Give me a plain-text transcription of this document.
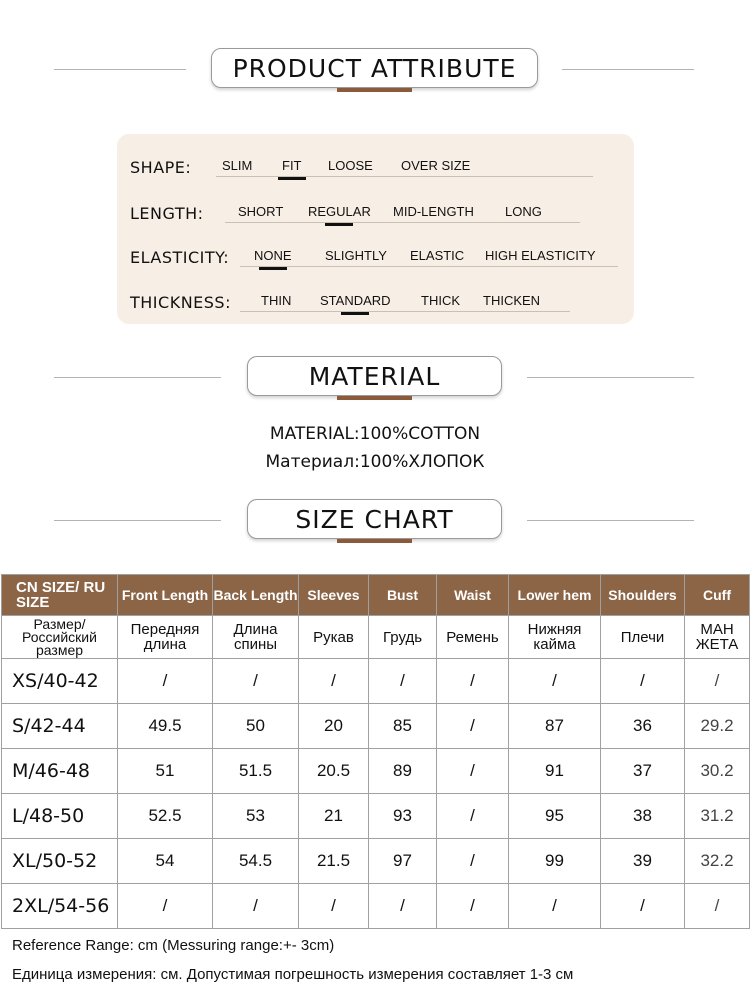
PRODUCT ATTRIBUTE
SHAPE: SLIM FIT LOOSE OVER SIZE
LENGTH:	SHORT REGULAR MID-LENGTH LONG
ELASTICITY: NONE	SLIGHTLY ELASTIC HIGH ELASTICITY
THICKNESS: THIN STANDARD THICK THICKEN
MATERIAL
MATERIAL:100%COTTON
Материал:100%ХЛОПОК
SIZE CHART
CN SIZE/ RU SIZE	Front Length	Back Length	Sleeves	Bust	Waist	Lower hem	Shoulders	Cuff
Размер/ Российский размер	Передняя длина	Длина спины	Рукав	Грудь	Ремень	Нижняя кайма	Плечи	МАН ЖЕТА
XS/40-42	/	/	/	/	/	/	/	/
S/42-44	49.5	50	20	85	/	87	36	29.2
M/46-48	51	51.5	20.5	89	/	91	37	30.2
L/48-50	52.5	53	21	93	/	95	38	31.2
XL/50-52	54	54.5	21.5	97	/	99	39	32.2
2XL/54-56	/	/	/	/	/	/	/	/
Reference Range: cm (Messuring range:+- 3cm)
Единица измерения: см. Допустимая погрешность измерения составляет 1-3 см
